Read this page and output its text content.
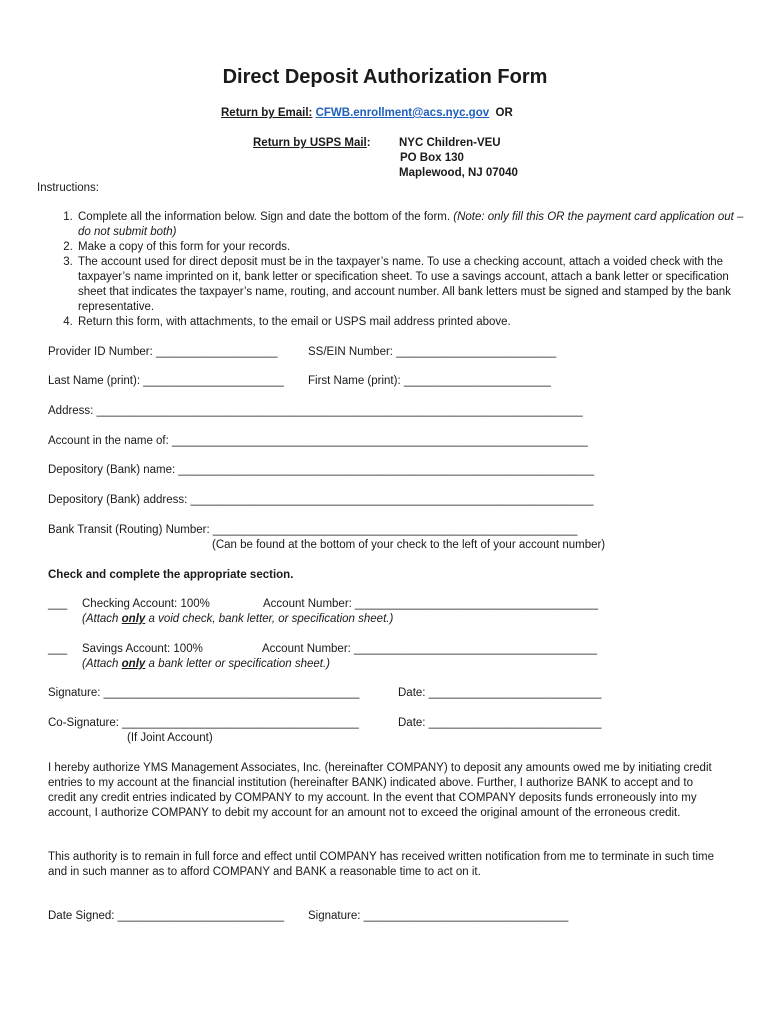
Direct Deposit Authorization Form
Return by Email: CFWB.enrollment@acs.nyc.gov OR
Return by USPS Mail: NYC Children-VEU
PO Box 130
Maplewood, NJ 07040
Instructions:
1. Complete all the information below. Sign and date the bottom of the form. (Note: only fill this OR the payment card application out – do not submit both)
2. Make a copy of this form for your records.
3. The account used for direct deposit must be in the taxpayer’s name. To use a checking account, attach a voided check with the taxpayer’s name imprinted on it, bank letter or specification sheet. To use a savings account, attach a bank letter or specification sheet that indicates the taxpayer’s name, routing, and account number. All bank letters must be signed and stamped by the bank representative.
4. Return this form, with attachments, to the email or USPS mail address printed above.
Provider ID Number: ___________________	SS/EIN Number: _________________________
Last Name (print): ______________________ First Name (print): _______________________
Address: ____________________________________________________________________________
Account in the name of: _________________________________________________________________
Depository (Bank) name: _________________________________________________________________
Depository (Bank) address: _______________________________________________________________
Bank Transit (Routing) Number: _________________________________________________________
(Can be found at the bottom of your check to the left of your account number)
Check and complete the appropriate section.
___ Checking Account: 100%	Account Number: ______________________________________
(Attach only a void check, bank letter, or specification sheet.)
___ Savings Account: 100%	Account Number: ______________________________________
(Attach only a bank letter or specification sheet.)
Signature: ________________________________________	Date: ___________________________
Co-Signature: _____________________________________	Date: ___________________________
(If Joint Account)
I hereby authorize YMS Management Associates, Inc. (hereinafter COMPANY) to deposit any amounts owed me by initiating credit entries to my account at the financial institution (hereinafter BANK) indicated above. Further, I authorize BANK to accept and to credit any credit entries indicated by COMPANY to my account. In the event that COMPANY deposits funds erroneously into my account, I authorize COMPANY to debit my account for an amount not to exceed the original amount of the erroneous credit.
This authority is to remain in full force and effect until COMPANY has received written notification from me to terminate in such time and in such manner as to afford COMPANY and BANK a reasonable time to act on it.
Date Signed: __________________________ Signature: ________________________________
